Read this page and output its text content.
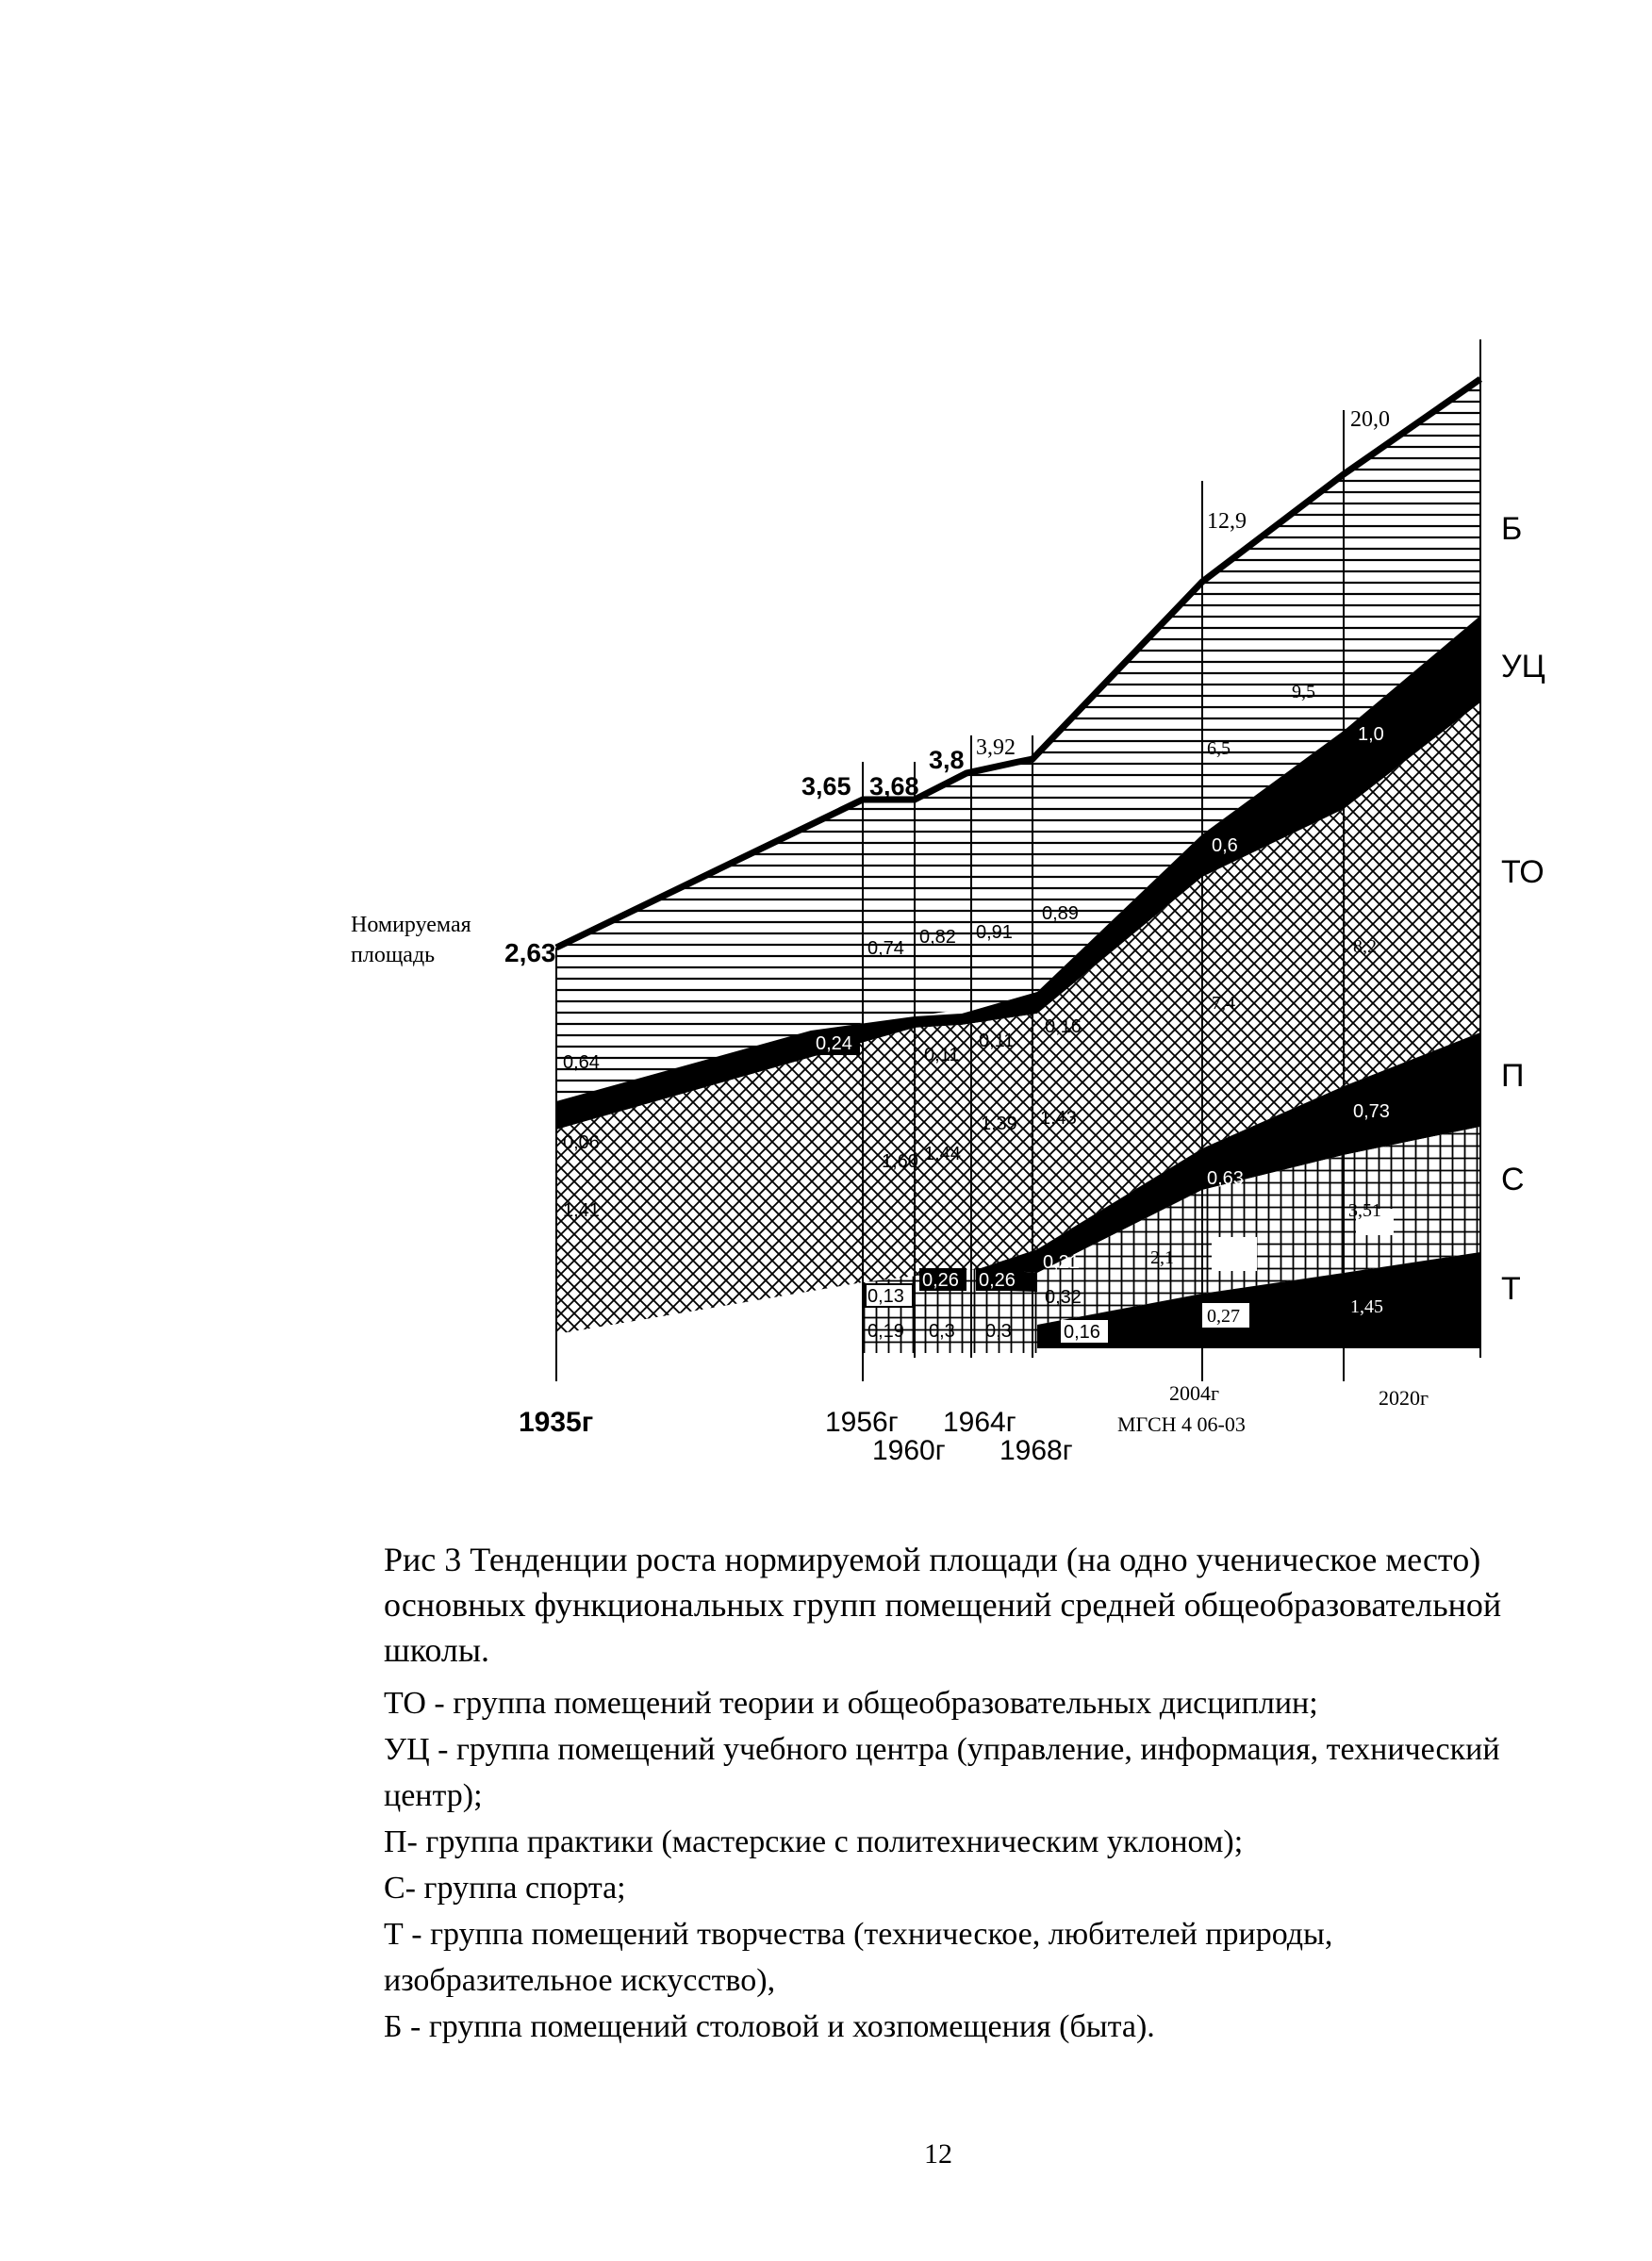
Номируемая
площадь	2,63
3,65 3,68
3,8 3,92
12,9
20,0
0,64
0,74
0,82 0,91
0,89
6,5
9,5
0,24
0,6
1,0
0,06
1,41
1,60
0,11
1,44
0,11
1,39 1,43
0,16
7,4
8,2
0,21
0,63
0,73
0,13
0,26 0,26
0,32
2,1
3,51
0,19 0,3 0,3	0,16
0,27	1,45
Б
УЦ
ТО
П
С
Т
1935г	1956г
1960г
1964г
1968г
2004г
МГСН 4 06-03
2020г
Рис 3 Тенденции роста нормируемой площади (на одно ученическое место) основных функциональных групп помещений средней общеобразовательной школы.
ТО - группа помещений теории и общеобразовательных дисциплин;
УЦ - группа помещений учебного центра (управление, информация, технический центр);
П- группа практики (мастерские с политехническим уклоном);
С- группа спорта;
Т - группа помещений творчества (техническое, любителей природы, изобразительное искусство),
Б - группа помещений столовой и хозпомещения (быта).
12
